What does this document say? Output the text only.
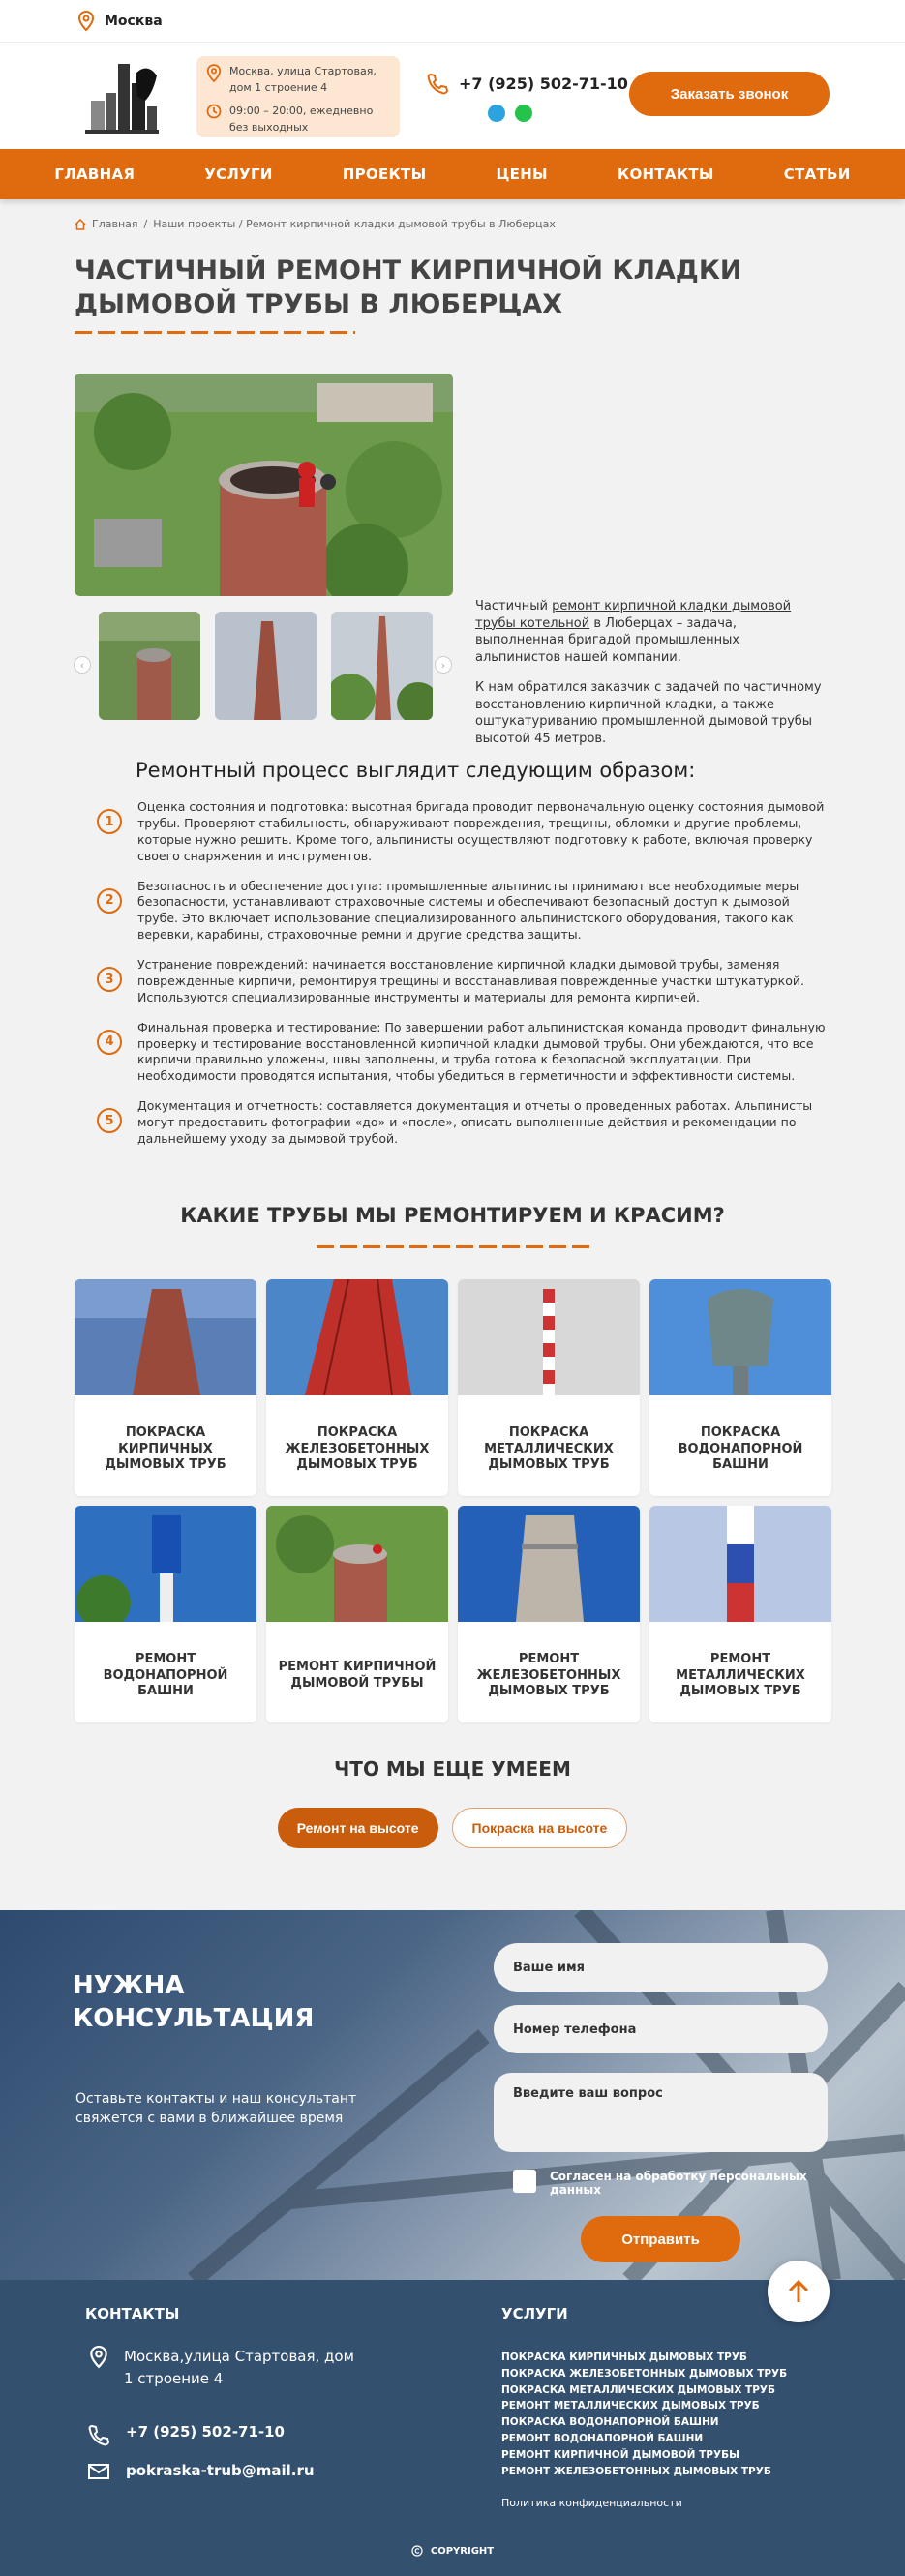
Москва
Москва, улица Стартовая, дом 1 строение 4
09:00 – 20:00, ежедневно без выходных
+7 (925) 502-71-10
Заказать звонок
ГЛАВНАЯ	УСЛУГИ	ПРОЕКТЫ	ЦЕНЫ	КОНТАКТЫ	СТАТЬИ
Главная / Наши проекты / Ремонт кирпичной кладки дымовой трубы в Люберцах
ЧАСТИЧНЫЙ РЕМОНТ КИРПИЧНОЙ КЛАДКИ ДЫМОВОЙ ТРУБЫ В ЛЮБЕРЦАХ
‹	›

Частичный ремонт кирпичной кладки дымовой трубы котельной в Люберцах – задача, выполненная бригадой промышленных альпинистов нашей компании.

К нам обратился заказчик с задачей по частичному восстановлению кирпичной кладки, а также оштукатуриванию промышленной дымовой трубы высотой 45 метров.

Ремонтный процесс выглядит следующим образом:
1

Оценка состояния и подготовка: высотная бригада проводит первоначальную оценку состояния дымовой трубы. Проверяют стабильность, обнаруживают повреждения, трещины, обломки и другие проблемы, которые нужно решить. Кроме того, альпинисты осуществляют подготовку к работе, включая проверку своего снаряжения и инструментов.

2

Безопасность и обеспечение доступа: промышленные альпинисты принимают все необходимые меры безопасности, устанавливают страховочные системы и обеспечивают безопасный доступ к дымовой трубе. Это включает использование специализированного альпинистского оборудования, такого как веревки, карабины, страховочные ремни и другие средства защиты.

3

Устранение повреждений: начинается восстановление кирпичной кладки дымовой трубы, заменяя поврежденные кирпичи, ремонтируя трещины и восстанавливая поврежденные участки штукатуркой. Используются специализированные инструменты и материалы для ремонта кирпичей.

4

Финальная проверка и тестирование: По завершении работ альпинистская команда проводит финальную проверку и тестирование восстановленной кирпичной кладки дымовой трубы. Они убеждаются, что все кирпичи правильно уложены, швы заполнены, и труба готова к безопасной эксплуатации. При необходимости проводятся испытания, чтобы убедиться в герметичности и эффективности системы.

5

Документация и отчетность: составляется документация и отчеты о проведенных работах. Альпинисты могут предоставить фотографии «до» и «после», описать выполненные действия и рекомендации по дальнейшему уходу за дымовой трубой.

КАКИЕ ТРУБЫ МЫ РЕМОНТИРУЕМ И КРАСИМ?
ПОКРАСКА КИРПИЧНЫХ ДЫМОВЫХ ТРУБ
ПОКРАСКА ЖЕЛЕЗОБЕТОННЫХ ДЫМОВЫХ ТРУБ
ПОКРАСКА МЕТАЛЛИЧЕСКИХ ДЫМОВЫХ ТРУБ
ПОКРАСКА ВОДОНАПОРНОЙ БАШНИ
РЕМОНТ ВОДОНАПОРНОЙ БАШНИ
РЕМОНТ КИРПИЧНОЙ ДЫМОВОЙ ТРУБЫ
РЕМОНТ ЖЕЛЕЗОБЕТОННЫХ ДЫМОВЫХ ТРУБ
РЕМОНТ МЕТАЛЛИЧЕСКИХ ДЫМОВЫХ ТРУБ
ЧТО МЫ ЕЩЕ УМЕЕМ
Ремонт на высоте	Покраска на высоте
НУЖНА КОНСУЛЬТАЦИЯ

Оставьте контакты и наш консультант свяжется с вами в ближайшее время

Ваше имя
Номер телефона
Введите ваш вопрос
Согласен на обработку персональных данных
Отправить
КОНТАКТЫ
Москва,улица Стартовая, дом 1 строение 4
+7 (925) 502-71-10
pokraska-trub@mail.ru
УСЛУГИ
ПОКРАСКА КИРПИЧНЫХ ДЫМОВЫХ ТРУБ
ПОКРАСКА ЖЕЛЕЗОБЕТОННЫХ ДЫМОВЫХ ТРУБ
ПОКРАСКА МЕТАЛЛИЧЕСКИХ ДЫМОВЫХ ТРУБ
РЕМОНТ МЕТАЛЛИЧЕСКИХ ДЫМОВЫХ ТРУБ
ПОКРАСКА ВОДОНАПОРНОЙ БАШНИ
РЕМОНТ ВОДОНАПОРНОЙ БАШНИ
РЕМОНТ КИРПИЧНОЙ ДЫМОВОЙ ТРУБЫ
РЕМОНТ ЖЕЛЕЗОБЕТОННЫХ ДЫМОВЫХ ТРУБ
Политика конфиденциальности
COPYRIGHT
